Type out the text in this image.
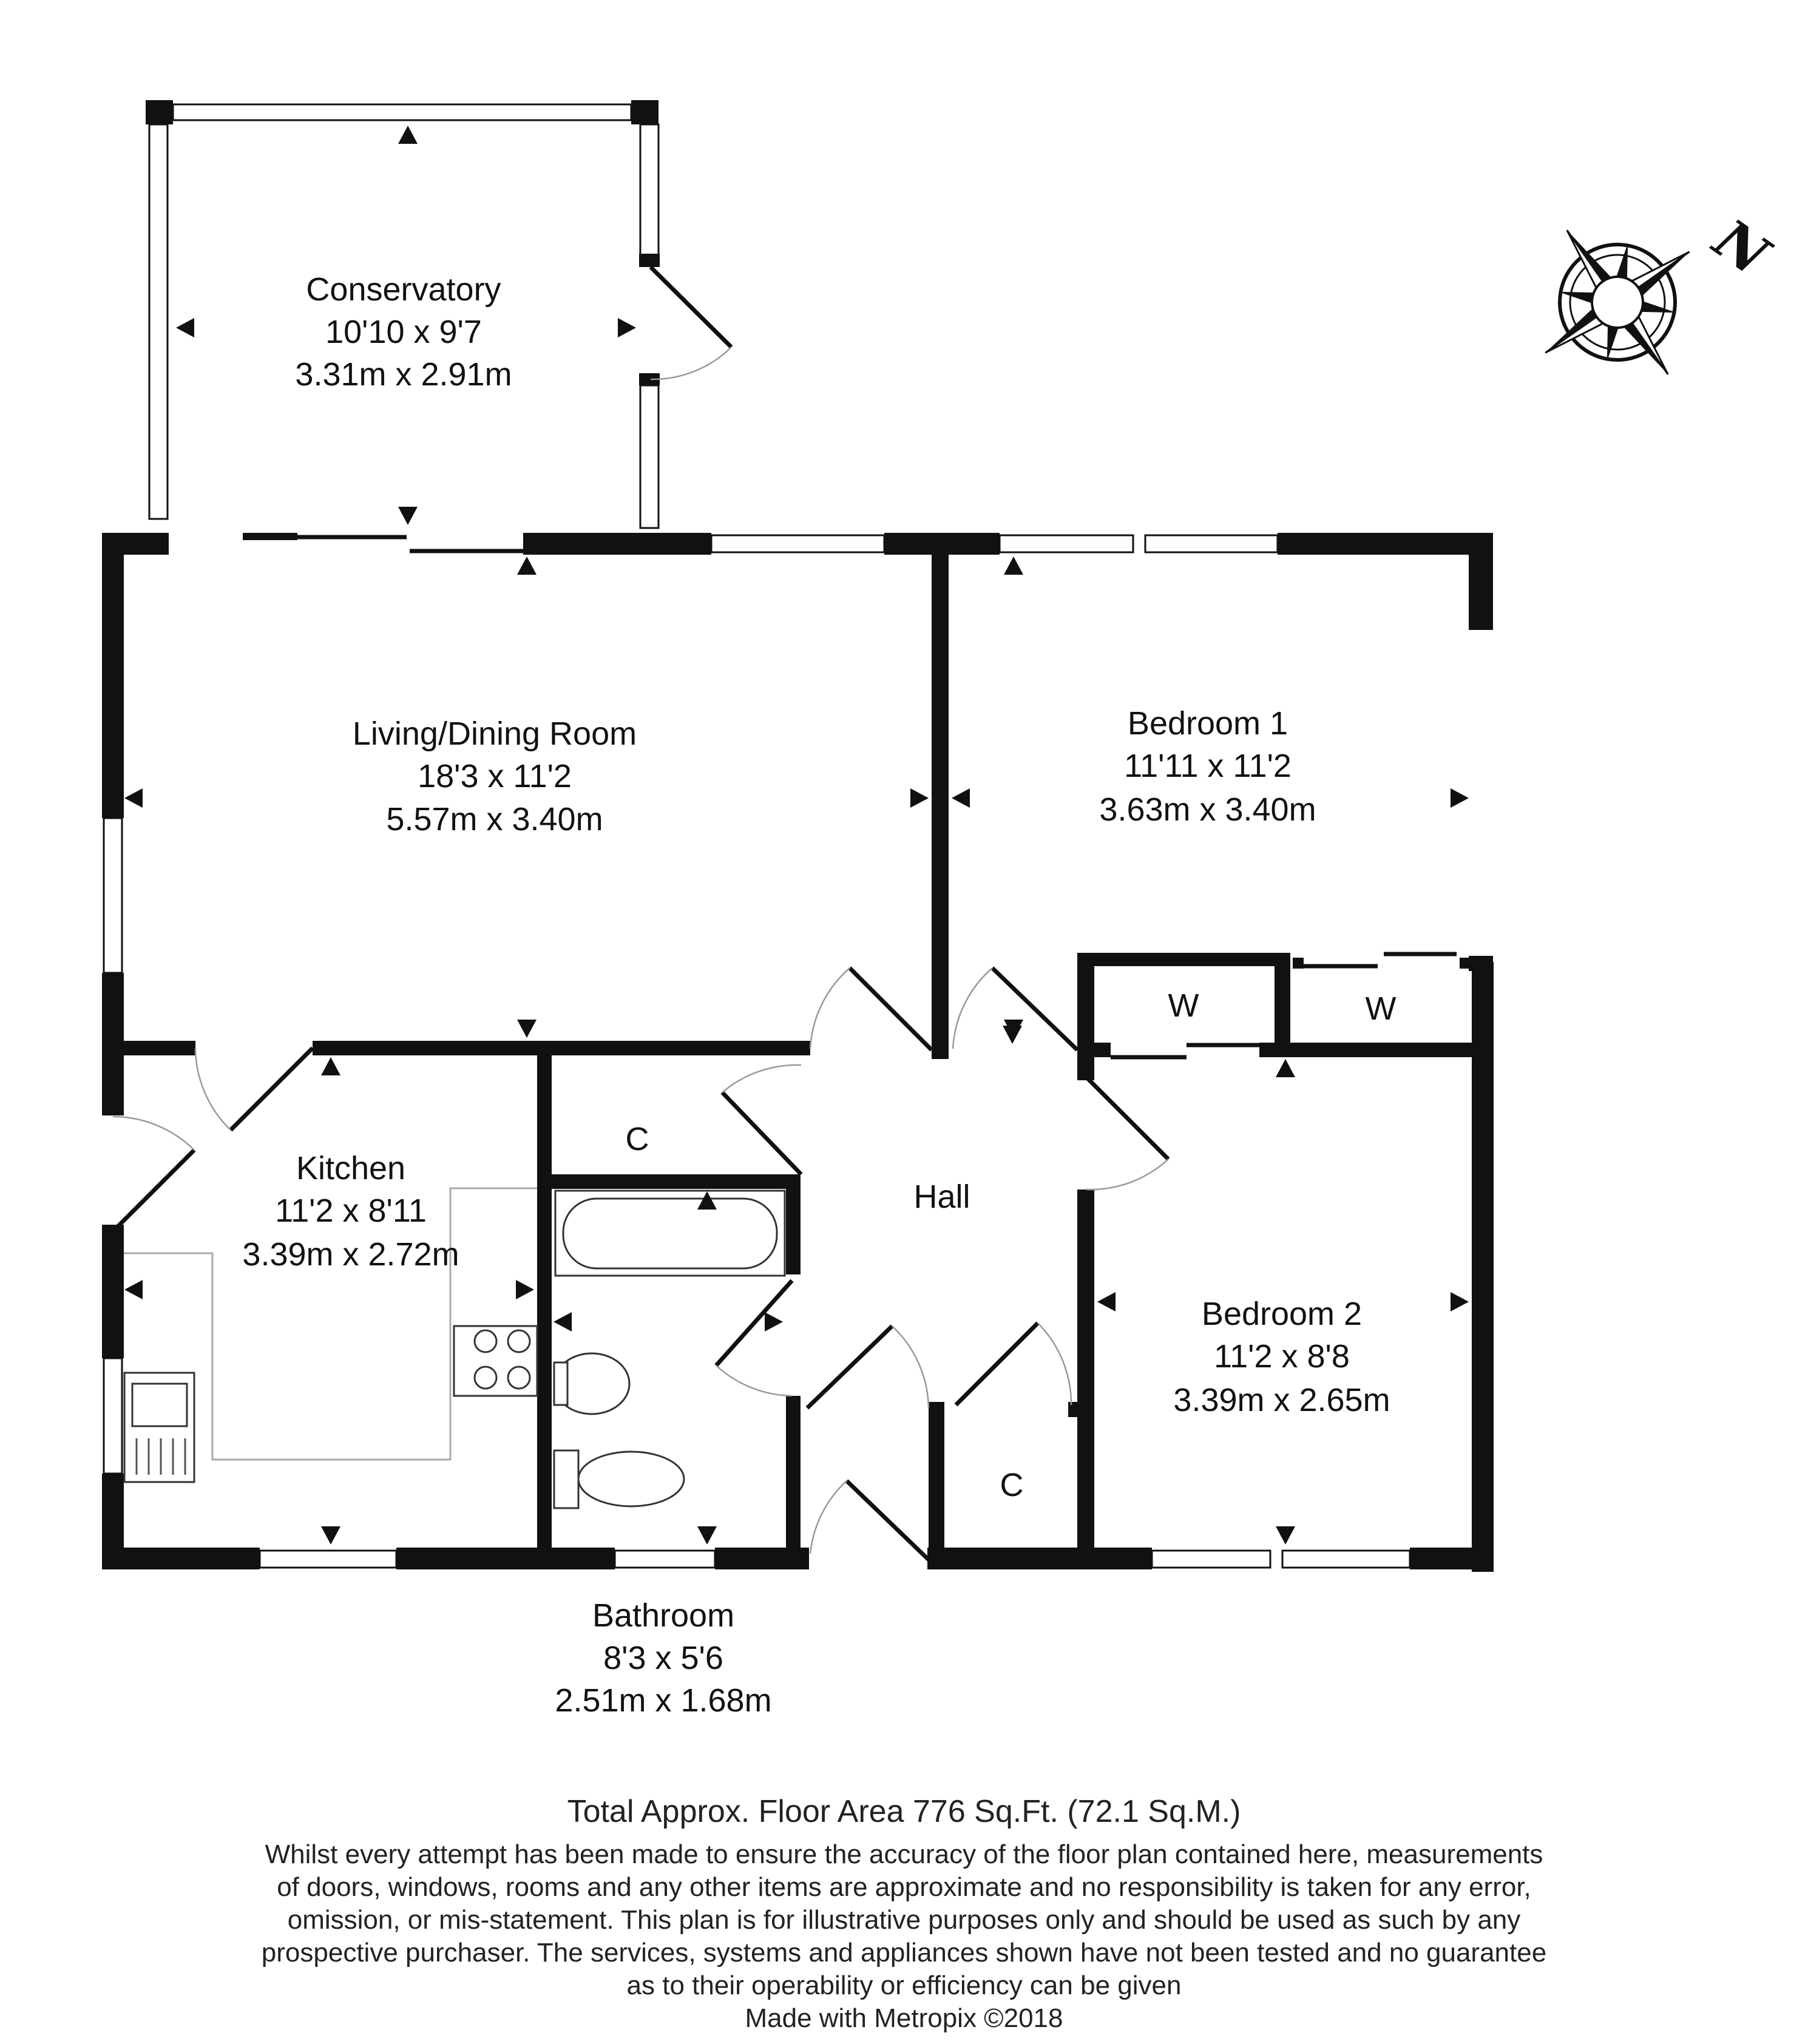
N
Conservatory
10'10 x 9'7
3.31m x 2.91m
Living/Dining Room
18'3 x 11'2
5.57m x 3.40m
Bedroom 1
11'11 x 11'2
3.63m x 3.40m
Kitchen
11'2 x 8'11
3.39m x 2.72m
Hall
Bedroom 2
11'2 x 8'8
3.39m x 2.65m
Bathroom
8'3 x 5'6
2.51m x 1.68m
C
C
W	W
Total Approx. Floor Area 776 Sq.Ft. (72.1 Sq.M.)
Whilst every attempt has been made to ensure the accuracy of the floor plan contained here, measurements
of doors, windows, rooms and any other items are approximate and no responsibility is taken for any error,
omission, or mis-statement. This plan is for illustrative purposes only and should be used as such by any
prospective purchaser. The services, systems and appliances shown have not been tested and no guarantee
as to their operability or efficiency can be given
Made with Metropix ©2018
